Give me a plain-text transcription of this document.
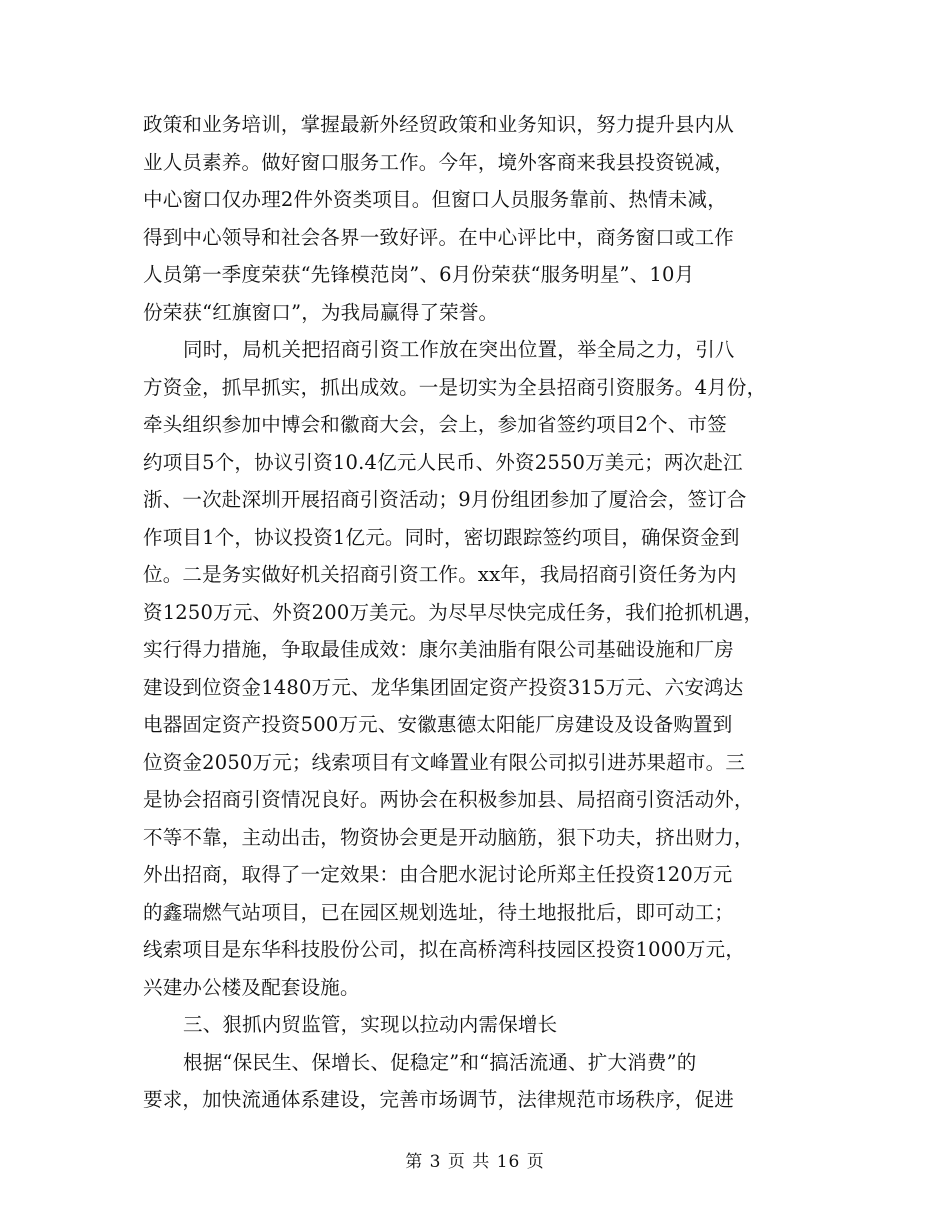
政策和业务培训，掌握最新外经贸政策和业务知识，努力提升县内从
业人员素养。做好窗口服务工作。今年，境外客商来我县投资锐减，
中心窗口仅办理2件外资类项目。但窗口人员服务靠前、热情未减，
得到中心领导和社会各界一致好评。在中心评比中，商务窗口或工作
人员第一季度荣获“先锋模范岗”、6月份荣获“服务明星”、10月
份荣获“红旗窗口”，为我局赢得了荣誉。
同时，局机关把招商引资工作放在突出位置，举全局之力，引八
方资金，抓早抓实，抓出成效。一是切实为全县招商引资服务。4月份，
牵头组织参加中博会和徽商大会，会上，参加省签约项目2个、市签
约项目5个，协议引资10.4亿元人民币、外资2550万美元；两次赴江
浙、一次赴深圳开展招商引资活动；9月份组团参加了厦洽会，签订合
作项目1个，协议投资1亿元。同时，密切跟踪签约项目，确保资金到
位。二是务实做好机关招商引资工作。xx年，我局招商引资任务为内
资1250万元、外资200万美元。为尽早尽快完成任务，我们抢抓机遇，
实行得力措施，争取最佳成效：康尔美油脂有限公司基础设施和厂房
建设到位资金1480万元、龙华集团固定资产投资315万元、六安鸿达
电器固定资产投资500万元、安徽惠德太阳能厂房建设及设备购置到
位资金2050万元；线索项目有文峰置业有限公司拟引进苏果超市。三
是协会招商引资情况良好。两协会在积极参加县、局招商引资活动外，
不等不靠，主动出击，物资协会更是开动脑筋，狠下功夫，挤出财力，
外出招商，取得了一定效果：由合肥水泥讨论所郑主任投资120万元
的鑫瑞燃气站项目，已在园区规划选址，待土地报批后，即可动工；
线索项目是东华科技股份公司，拟在高桥湾科技园区投资1000万元，
兴建办公楼及配套设施。
三、狠抓内贸监管，实现以拉动内需保增长
根据“保民生、保增长、促稳定”和“搞活流通、扩大消费”的
要求，加快流通体系建设，完善市场调节，法律规范市场秩序，促进
第 3 页 共 16 页
